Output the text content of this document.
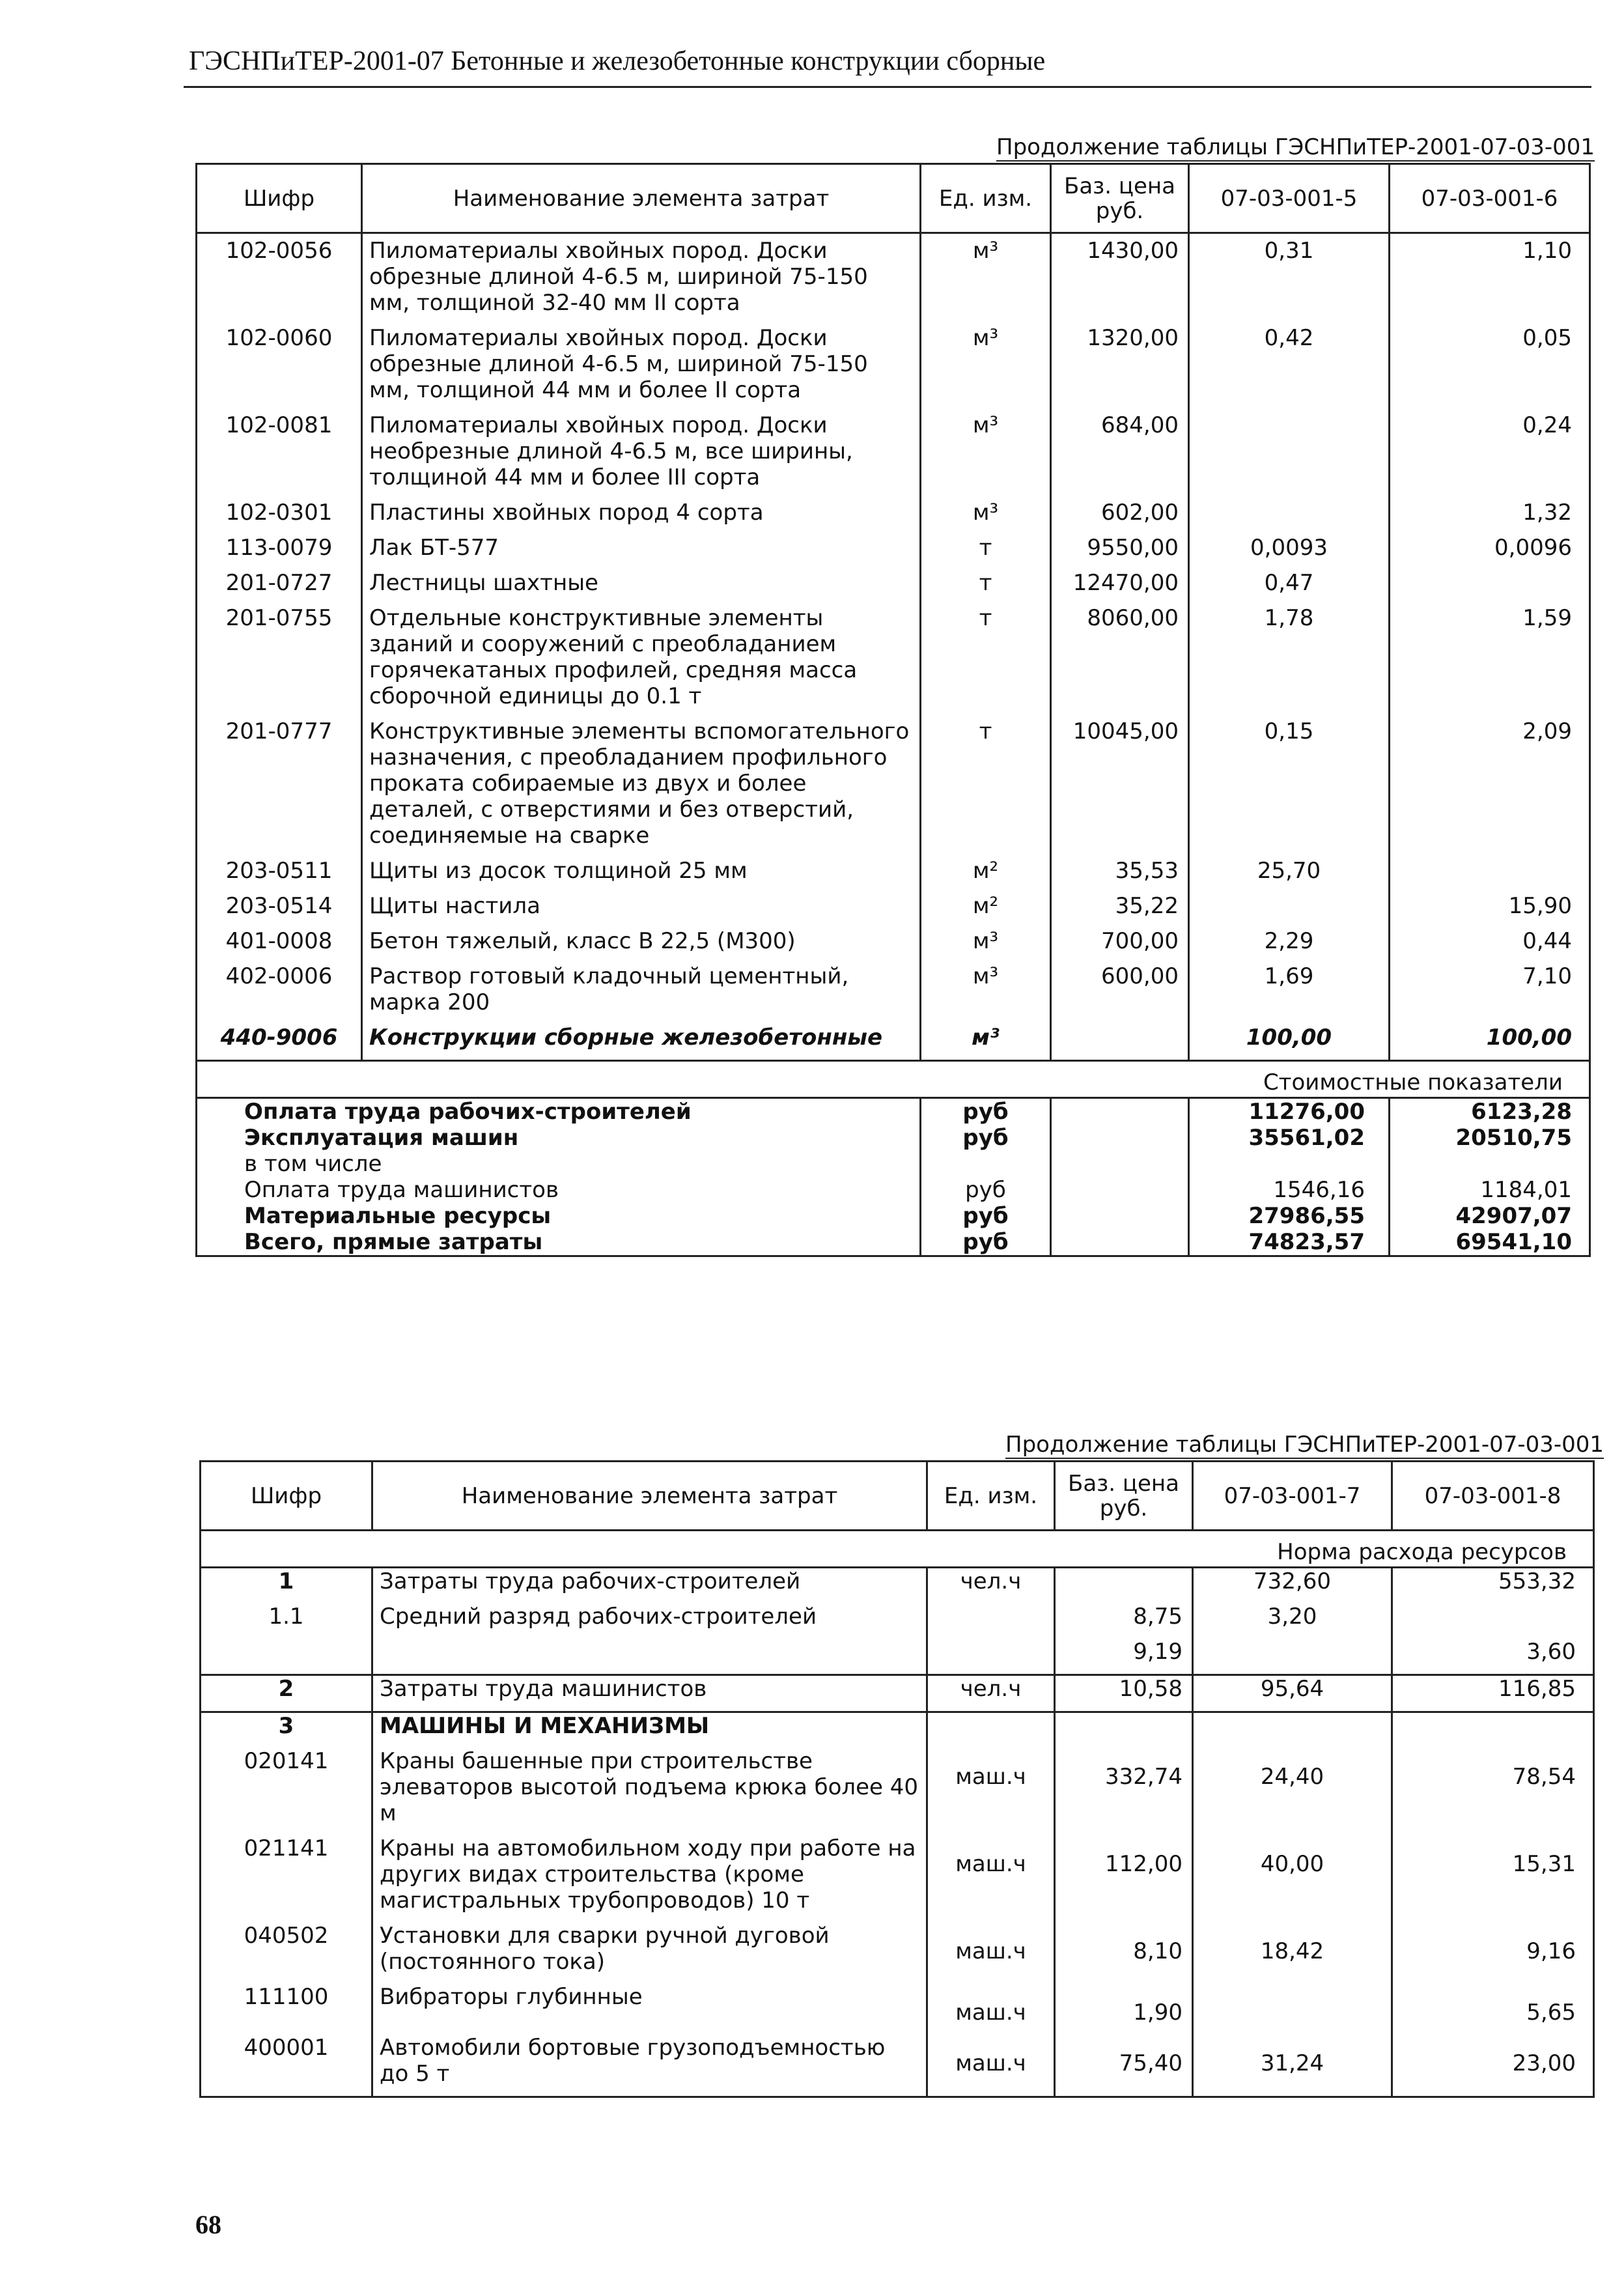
ГЭСНПиТЕР-2001-07 Бетонные и железобетонные конструкции сборные
Продолжение таблицы ГЭСНПиТЕР-2001-07-03-001
Шифр	Наименование элемента затрат	Ед. изм.	Баз. цена руб.	07-03-001-5	07-03-001-6
102-0056	Пиломатериалы хвойных пород. Доски обрезные длиной 4-6.5 м, шириной 75-150 мм, толщиной 32-40 мм II сорта	м³	1430,00	0,31	1,10
102-0060	Пиломатериалы хвойных пород. Доски обрезные длиной 4-6.5 м, шириной 75-150 мм, толщиной 44 мм и более II сорта	м³	1320,00	0,42	0,05
102-0081	Пиломатериалы хвойных пород. Доски необрезные длиной 4-6.5 м, все ширины, толщиной 44 мм и более III сорта	м³	684,00		0,24
102-0301	Пластины хвойных пород 4 сорта	м³	602,00		1,32
113-0079	Лак БТ-577	т	9550,00	0,0093	0,0096
201-0727	Лестницы шахтные	т	12470,00	0,47	
201-0755	Отдельные конструктивные элементы зданий и сооружений с преобладанием горячекатаных профилей, средняя масса сборочной единицы до 0.1 т	т	8060,00	1,78	1,59
201-0777	Конструктивные элементы вспомогательного назначения, с преобладанием профильного проката собираемые из двух и более деталей, с отверстиями и без отверстий, соединяемые на сварке	т	10045,00	0,15	2,09
203-0511	Щиты из досок толщиной 25 мм	м²	35,53	25,70	
203-0514	Щиты настила	м²	35,22		15,90
401-0008	Бетон тяжелый, класс В 22,5 (М300)	м³	700,00	2,29	0,44
402-0006	Раствор готовый кладочный цементный, марка 200	м³	600,00	1,69	7,10
440-9006	Конструкции сборные железобетонные	м³		100,00	100,00
Стоимостные показатели					
Оплата труда рабочих-строителей		руб		11276,00	6123,28
Эксплуатация машин		руб		35561,02	20510,75
в том числе					
Оплата труда машинистов		руб		1546,16	1184,01
Материальные ресурсы		руб		27986,55	42907,07
Всего, прямые затраты		руб		74823,57	69541,10
Продолжение таблицы ГЭСНПиТЕР-2001-07-03-001
Шифр	Наименование элемента затрат	Ед. изм.	Баз. цена руб.	07-03-001-7	07-03-001-8
Норма расхода ресурсов					
1	Затраты труда рабочих-строителей	чел.ч		732,60	553,32
1.1	Средний разряд рабочих-строителей		8,75	3,20	
			9,19		3,60
2	Затраты труда машинистов	чел.ч	10,58	95,64	116,85
3	МАШИНЫ И МЕХАНИЗМЫ				
020141	Краны башенные при строительстве элеваторов высотой подъема крюка более 40 м	маш.ч	332,74	24,40	78,54
021141	Краны на автомобильном ходу при работе на других видах строительства (кроме магистральных трубопроводов) 10 т	маш.ч	112,00	40,00	15,31
040502	Установки для сварки ручной дуговой (постоянного тока)	маш.ч	8,10	18,42	9,16
111100	Вибраторы глубинные	маш.ч	1,90		5,65
400001	Автомобили бортовые грузоподъемностью до 5 т	маш.ч	75,40	31,24	23,00
68
